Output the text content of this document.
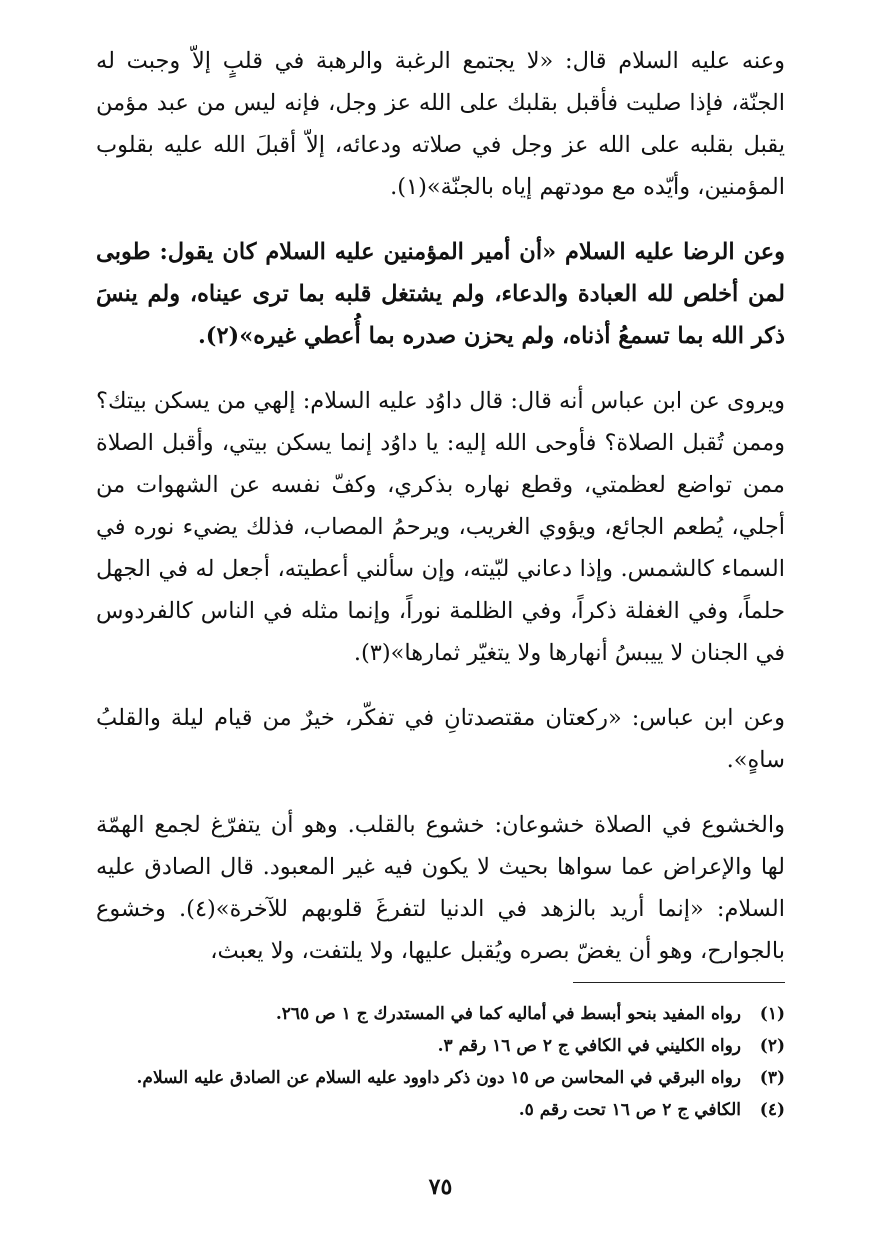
وعنه عليه السلام قال: «لا يجتمع الرغبة والرهبة في قلبٍ إلاّ وجبت له الجنّة، فإذا صليت فأقبل بقلبك على الله عز وجل، فإنه ليس من عبد مؤمن يقبل بقلبه على الله عز وجل في صلاته ودعائه، إلاّ أقبلَ الله عليه بقلوب المؤمنين، وأيّده مع مودتهم إياه بالجنّة»(١).

وعن الرضا عليه السلام «أن أمير المؤمنين عليه السلام كان يقول: طوبى لمن أخلص لله العبادة والدعاء، ولم يشتغل قلبه بما ترى عيناه، ولم ينسَ ذكر الله بما تسمعُ أذناه، ولم يحزن صدره بما أُعطي غيره»(٢).

ويروى عن ابن عباس أنه قال: قال داوُد عليه السلام: إلهي من يسكن بيتك؟ وممن تُقبل الصلاة؟ فأوحى الله إليه: يا داوُد إنما يسكن بيتي، وأقبل الصلاة ممن تواضع لعظمتي، وقطع نهاره بذكري، وكفّ نفسه عن الشهوات من أجلي، يُطعم الجائع، ويؤوي الغريب، ويرحمُ المصاب، فذلك يضيء نوره في السماء كالشمس. وإذا دعاني لبّيته، وإن سألني أعطيته، أجعل له في الجهل حلماً، وفي الغفلة ذكراً، وفي الظلمة نوراً، وإنما مثله في الناس كالفردوس في الجنان لا ييبسُ أنهارها ولا يتغيّر ثمارها»(٣).

وعن ابن عباس: «ركعتان مقتصدتانِ في تفكّر، خيرٌ من قيام ليلة والقلبُ ساهٍ».

والخشوع في الصلاة خشوعان: خشوع بالقلب. وهو أن يتفرّغ لجمع الهمّة لها والإعراض عما سواها بحيث لا يكون فيه غير المعبود. قال الصادق عليه السلام: «إنما أريد بالزهد في الدنيا لتفرغَ قلوبهم للآخرة»(٤). وخشوع بالجوارح، وهو أن يغضّ بصره ويُقبل عليها، ولا يلتفت، ولا يعبث،

(١)
رواه المفيد بنحو أبسط في أماليه كما في المستدرك ج ١ ص ٢٦٥.
(٢)
رواه الكليني في الكافي ج ٢ ص ١٦ رقم ٣.
(٣)
رواه البرقي في المحاسن ص ١٥ دون ذكر داوود عليه السلام عن الصادق عليه السلام.
(٤)
الكافي ج ٢ ص ١٦ تحت رقم ٥.
٧٥
